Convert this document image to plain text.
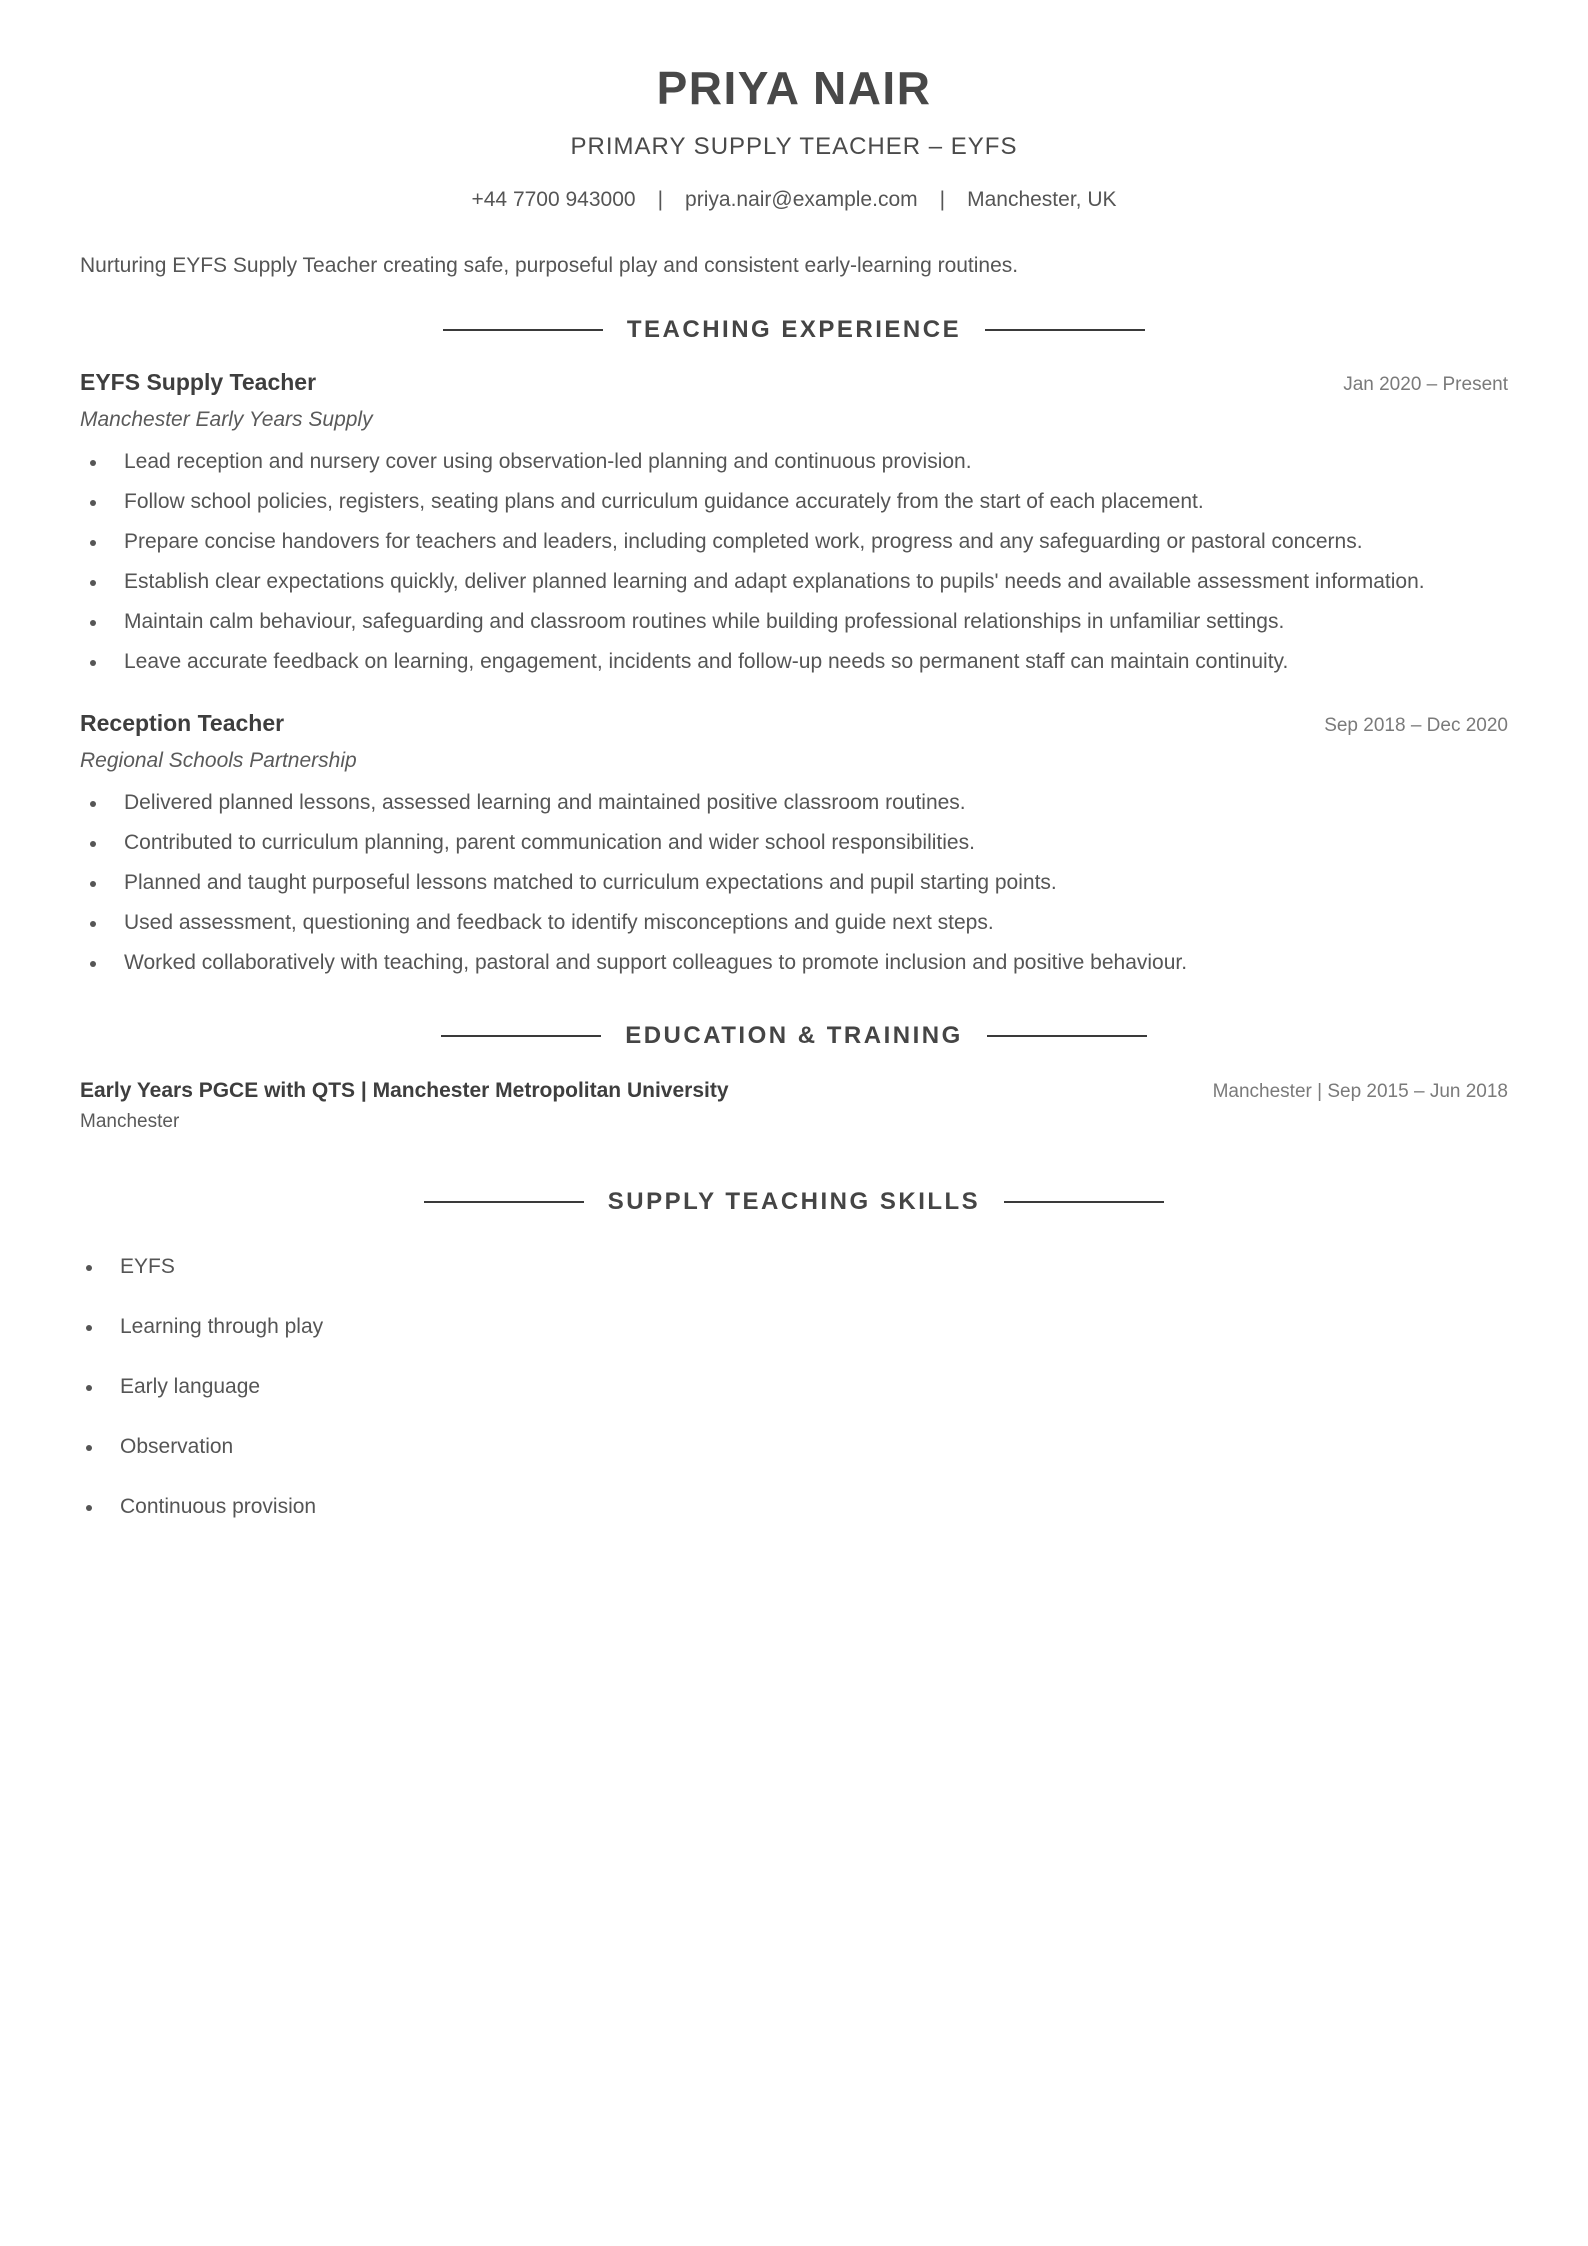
PRIYA NAIR
PRIMARY SUPPLY TEACHER – EYFS
+44 7700 943000 | priya.nair@example.com | Manchester, UK
Nurturing EYFS Supply Teacher creating safe, purposeful play and consistent early-learning routines.
TEACHING EXPERIENCE
EYFS Supply Teacher	Jan 2020 – Present
Manchester Early Years Supply
Lead reception and nursery cover using observation-led planning and continuous provision.
Follow school policies, registers, seating plans and curriculum guidance accurately from the start of each placement.
Prepare concise handovers for teachers and leaders, including completed work, progress and any safeguarding or pastoral concerns.
Establish clear expectations quickly, deliver planned learning and adapt explanations to pupils' needs and available assessment information.
Maintain calm behaviour, safeguarding and classroom routines while building professional relationships in unfamiliar settings.
Leave accurate feedback on learning, engagement, incidents and follow-up needs so permanent staff can maintain continuity.
Reception Teacher	Sep 2018 – Dec 2020
Regional Schools Partnership
Delivered planned lessons, assessed learning and maintained positive classroom routines.
Contributed to curriculum planning, parent communication and wider school responsibilities.
Planned and taught purposeful lessons matched to curriculum expectations and pupil starting points.
Used assessment, questioning and feedback to identify misconceptions and guide next steps.
Worked collaboratively with teaching, pastoral and support colleagues to promote inclusion and positive behaviour.
EDUCATION & TRAINING
Early Years PGCE with QTS | Manchester Metropolitan University	Manchester | Sep 2015 – Jun 2018
Manchester
SUPPLY TEACHING SKILLS
EYFS
Learning through play
Early language
Observation
Continuous provision
